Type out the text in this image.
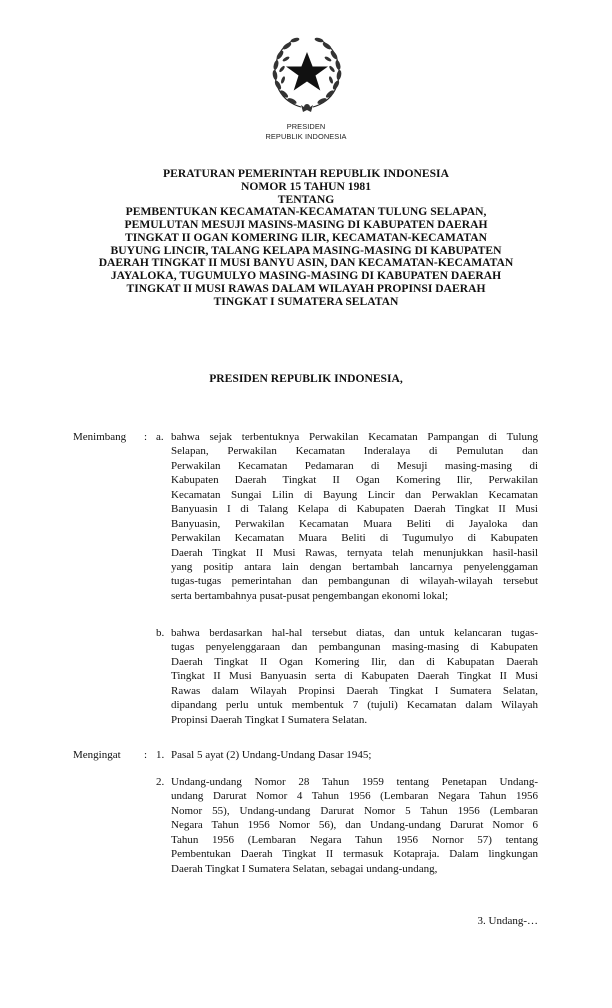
PRESIDEN
REPUBLIK INDONESIA
PERATURAN PEMERINTAH REPUBLIK INDONESIA
NOMOR 15 TAHUN 1981
TENTANG
PEMBENTUKAN KECAMATAN-KECAMATAN TULUNG SELAPAN,
PEMULUTAN MESUJI MASINS-MASING DI KABUPATEN DAERAH
TINGKAT II OGAN KOMERING ILIR, KECAMATAN-KECAMATAN
BUYUNG LINCIR, TALANG KELAPA MASING-MASING DI KABUPATEN
DAERAH TINGKAT II MUSI BANYU ASIN, DAN KECAMATAN-KECAMATAN
JAYALOKA, TUGUMULYO MASING-MASING DI KABUPATEN DAERAH
TINGKAT II MUSI RAWAS DALAM WILAYAH PROPINSI DAERAH
TINGKAT I SUMATERA SELATAN
PRESIDEN REPUBLIK INDONESIA,
Menimbang : a. bahwa sejak terbentuknya Perwakilan Kecamatan Pampangan di Tulung
Selapan, Perwakilan Kecamatan Inderalaya di Pemulutan dan
Perwakilan Kecamatan Pedamaran di Mesuji masing-masing di
Kabupaten Daerah Tingkat II Ogan Komering Ilir, Perwakilan
Kecamatan Sungai Lilin di Bayung Lincir dan Perwaklan Kecamatan
Banyuasin I di Talang Kelapa di Kabupaten Daerah Tingkat II Musi
Banyuasin, Perwakilan Kecamatan Muara Beliti di Jayaloka dan
Perwakilan Kecamatan Muara Beliti di Tugumulyo di Kabupaten
Daerah Tingkat II Musi Rawas, ternyata telah menunjukkan hasil-hasil
yang positip antara lain dengan bertambah lancarnya penyelenggaman
tugas-tugas pemerintahan dan pembangunan di wilayah-wilayah tersebut
serta bertambahnya pusat-pusat pengembangan ekonomi lokal;
b. bahwa berdasarkan hal-hal tersebut diatas, dan untuk kelancaran tugas-
tugas penyelenggaraan dan pembangunan masing-masing di Kabupaten
Daerah Tingkat II Ogan Komering Ilir, dan di Kabupatan Daerah
Tingkat II Musi Banyuasin serta di Kabupaten Daerah Tingkat II Musi
Rawas dalam Wilayah Propinsi Daerah Tingkat I Sumatera Selatan,
dipandang perlu untuk membentuk 7 (tujuli) Kecamatan dalam Wilayah
Propinsi Daerah Tingkat I Sumatera Selatan.
Mengingat : 1. Pasal 5 ayat (2) Undang-Undang Dasar 1945;
2. Undang-undang Nomor 28 Tahun 1959 tentang Penetapan Undang-
undang Darurat Nomor 4 Tahun 1956 (Lembaran Negara Tahun 1956
Nomor 55), Undang-undang Darurat Nomor 5 Tahun 1956 (Lembaran
Negara Tahun 1956 Nomor 56), dan Undang-undang Darurat Nomor 6
Tahun 1956 (Lembaran Negara Tahun 1956 Nornor 57) tentang
Pembentukan Daerah Tingkat II termasuk Kotapraja. Dalam lingkungan
Daerah Tingkat I Sumatera Selatan, sebagai undang-undang,
3. Undang-…
